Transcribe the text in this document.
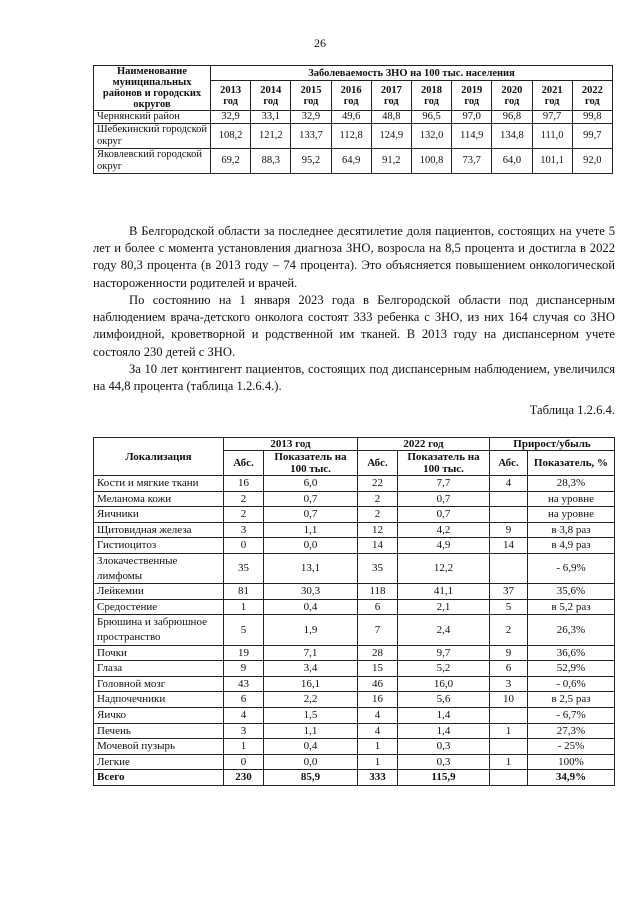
26
Наименование муниципальных районов и городских округов	Заболеваемость ЗНО на 100 тыс. населения									
	2013 год	2014 год	2015 год	2016 год	2017 год	2018 год	2019 год	2020 год	2021 год	2022 год
Чернянский район	32,9	33,1	32,9	49,6	48,8	96,5	97,0	96,8	97,7	99,8
Шебекинский городской округ	108,2	121,2	133,7	112,8	124,9	132,0	114,9	134,8	111,0	99,7
Яковлевский городской округ	69,2	88,3	95,2	64,9	91,2	100,8	73,7	64,0	101,1	92,0

В Белгородской области за последнее десятилетие доля пациентов, состоящих на учете 5 лет и более с момента установления диагноза ЗНО, возросла на 8,5 процента и достигла в 2022 году 80,3 процента (в 2013 году – 74 процента). Это объясняется повышением онкологической настороженности родителей и врачей.

По состоянию на 1 января 2023 года в Белгородской области под диспансерным наблюдением врача-детского онколога состоят 333 ребенка с ЗНО, из них 164 случая со ЗНО лимфоидной, кроветворной и родственной им тканей. В 2013 году на диспансерном учете состояло 230 детей с ЗНО.

За 10 лет контингент пациентов, состоящих под диспансерным наблюдением, увеличился на 44,8 процента (таблица 1.2.6.4.).

Таблица 1.2.6.4.
Локализация	2013 год		2022 год		Прирост/убыль	
	Абс.	Показатель на 100 тыс.	Абс.	Показатель на 100 тыс.	Абс.	Показатель, %
Кости и мягкие ткани	16	6,0	22	7,7	4	28,3%
Меланома кожи	2	0,7	2	0,7		на уровне
Яичники	2	0,7	2	0,7		на уровне
Щитовидная железа	3	1,1	12	4,2	9	в 3,8 раз
Гистиоцитоз	0	0,0	14	4,9	14	в 4,9 раз
Злокачественные лимфомы	35	13,1	35	12,2		- 6,9%
Лейкемии	81	30,3	118	41,1	37	35,6%
Средостение	1	0,4	6	2,1	5	в 5,2 раз
Брюшина и забрюшное пространство	5	1,9	7	2,4	2	26,3%
Почки	19	7,1	28	9,7	9	36,6%
Глаза	9	3,4	15	5,2	6	52,9%
Головной мозг	43	16,1	46	16,0	3	- 0,6%
Надпочечники	6	2,2	16	5,6	10	в 2,5 раз
Яичко	4	1,5	4	1,4		- 6,7%
Печень	3	1,1	4	1,4	1	27,3%
Мочевой пузырь	1	0,4	1	0,3		- 25%
Легкие	0	0,0	1	0,3	1	100%
Всего	230	85,9	333	115,9		34,9%
